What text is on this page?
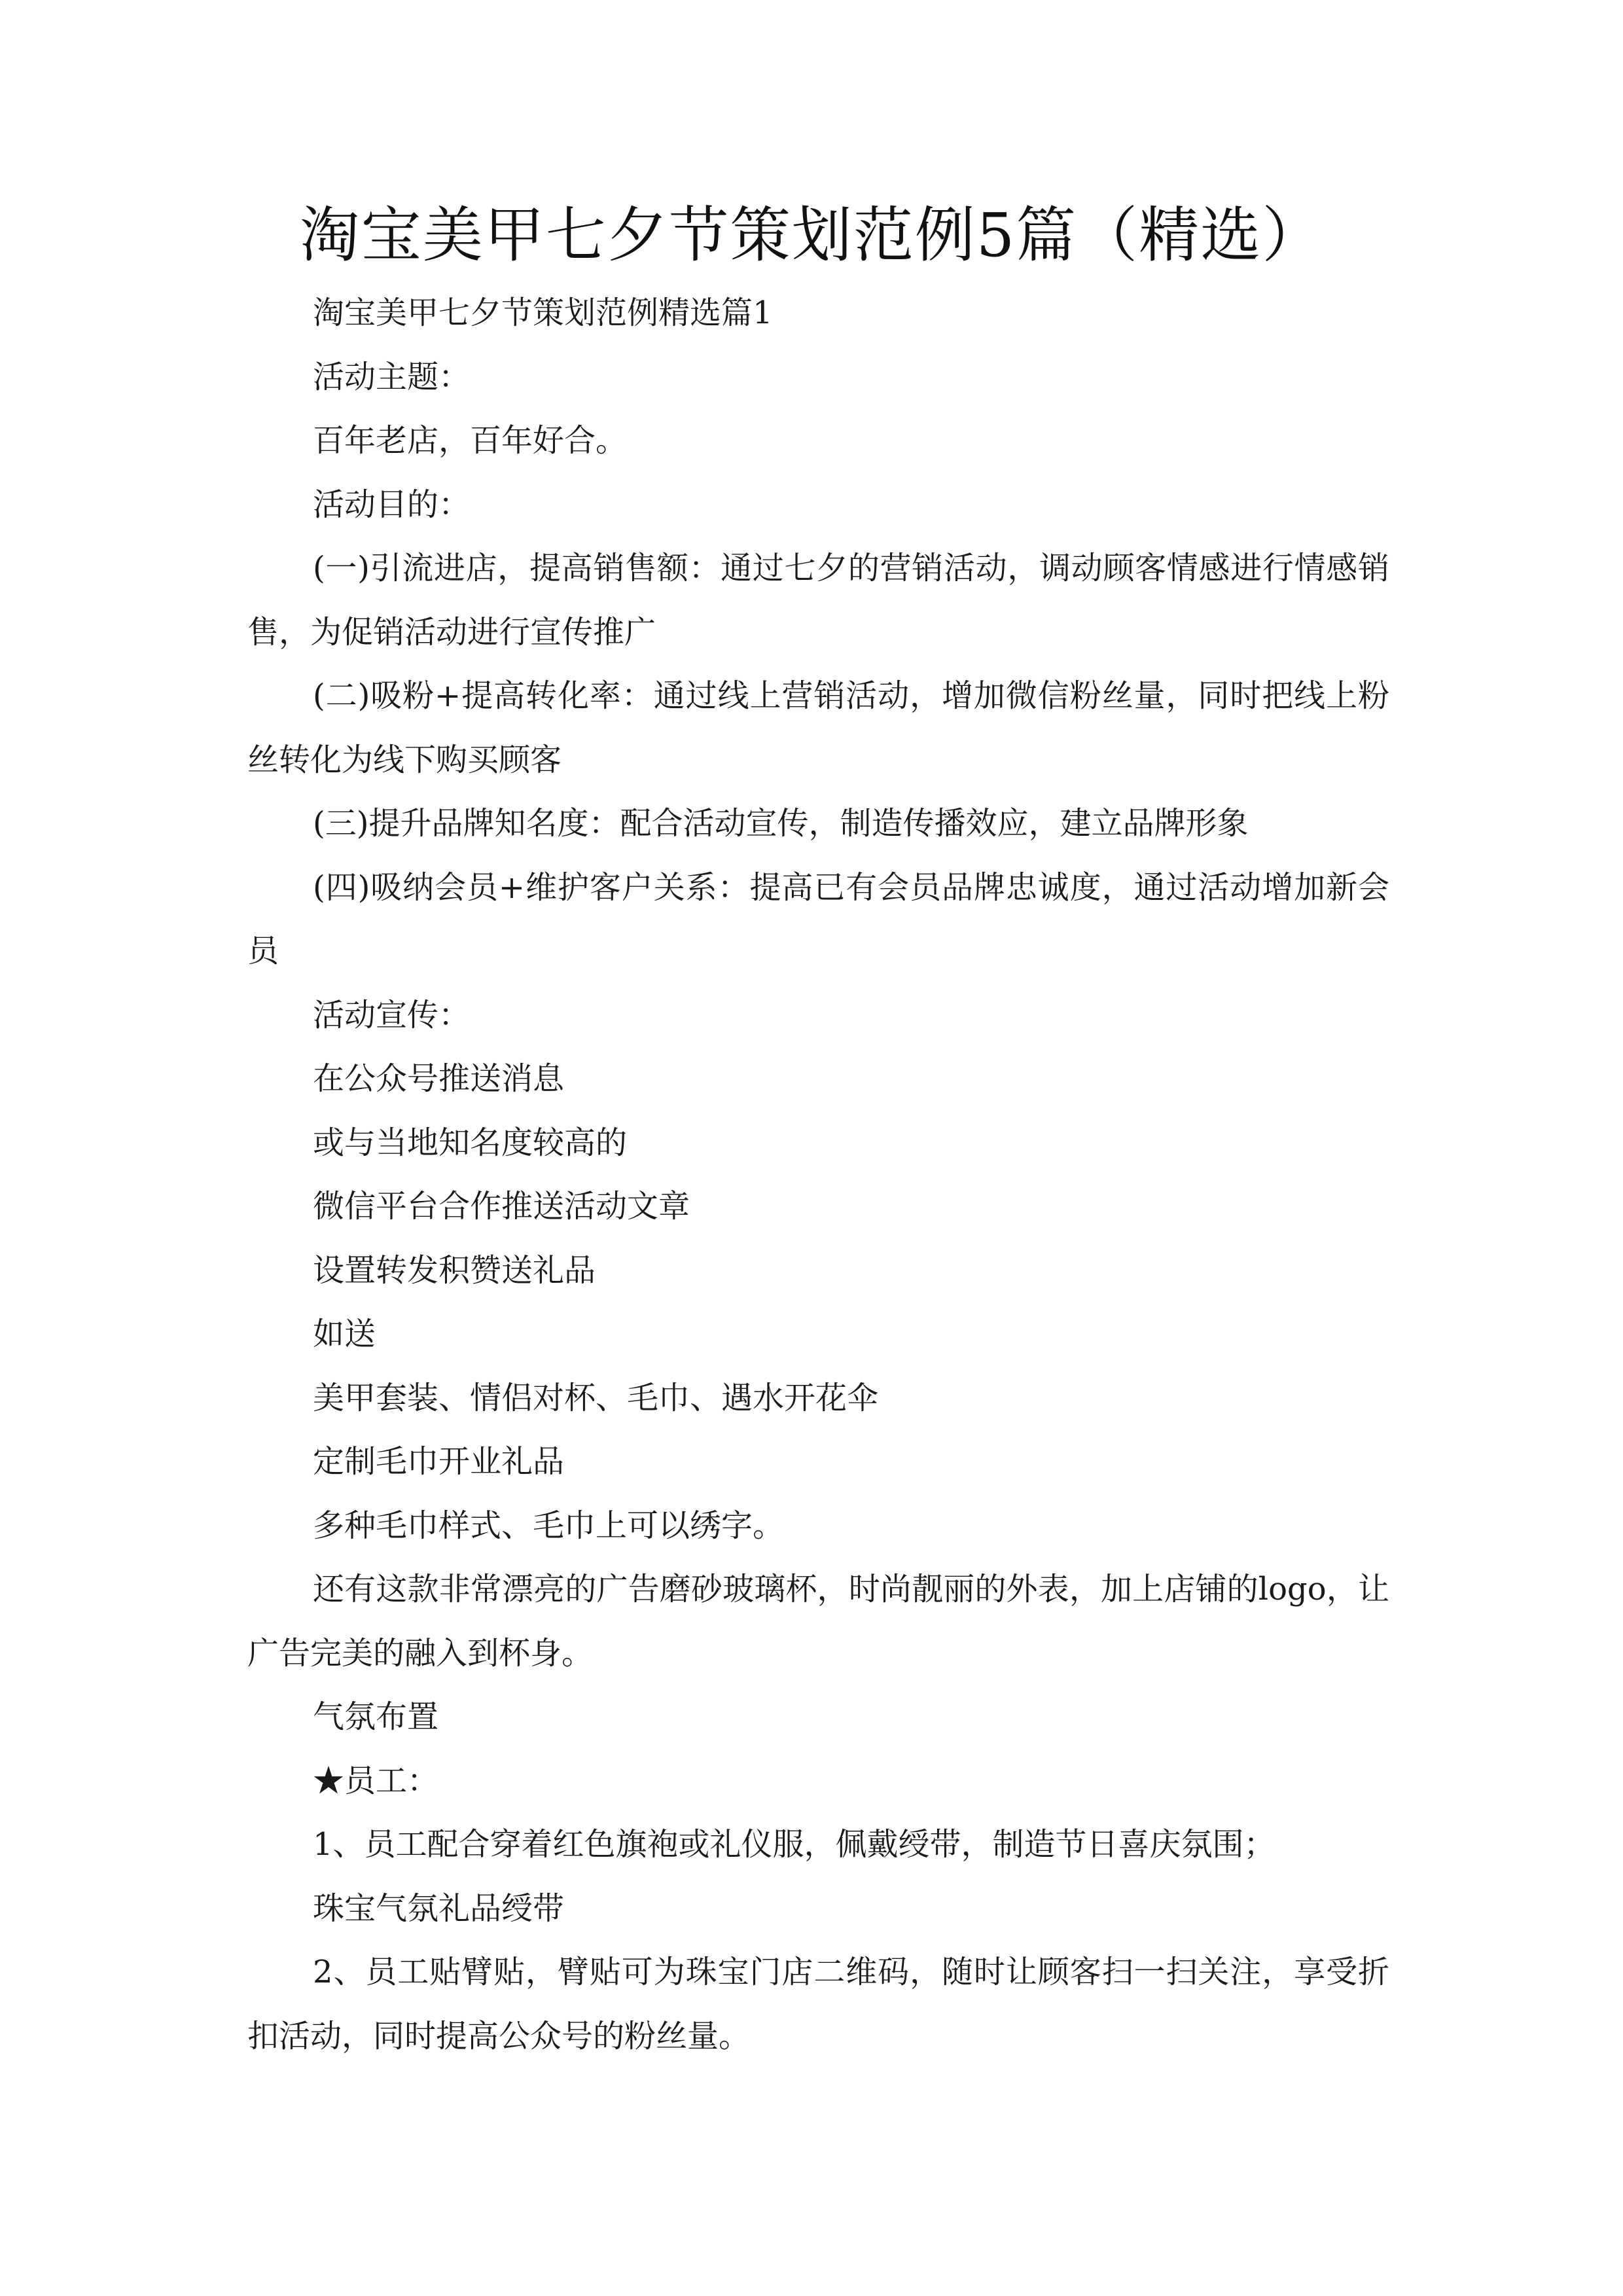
淘宝美甲七夕节策划范例5篇（精选）

淘宝美甲七夕节策划范例精选篇1

活动主题：

百年老店，百年好合。

活动目的：

(一)引流进店，提高销售额：通过七夕的营销活动，调动顾客情感进行情感销售，为促销活动进行宣传推广

(二)吸粉+提高转化率：通过线上营销活动，增加微信粉丝量，同时把线上粉丝转化为线下购买顾客

(三)提升品牌知名度：配合活动宣传，制造传播效应，建立品牌形象

(四)吸纳会员+维护客户关系：提高已有会员品牌忠诚度，通过活动增加新会员

活动宣传：

在公众号推送消息

或与当地知名度较高的

微信平台合作推送活动文章

设置转发积赞送礼品

如送

美甲套装、情侣对杯、毛巾、遇水开花伞

定制毛巾开业礼品

多种毛巾样式、毛巾上可以绣字。

还有这款非常漂亮的广告磨砂玻璃杯，时尚靓丽的外表，加上店铺的logo，让广告完美的融入到杯身。

气氛布置

★员工：

1、员工配合穿着红色旗袍或礼仪服，佩戴绶带，制造节日喜庆氛围；

珠宝气氛礼品绶带

2、员工贴臂贴，臂贴可为珠宝门店二维码，随时让顾客扫一扫关注，享受折扣活动，同时提高公众号的粉丝量。
